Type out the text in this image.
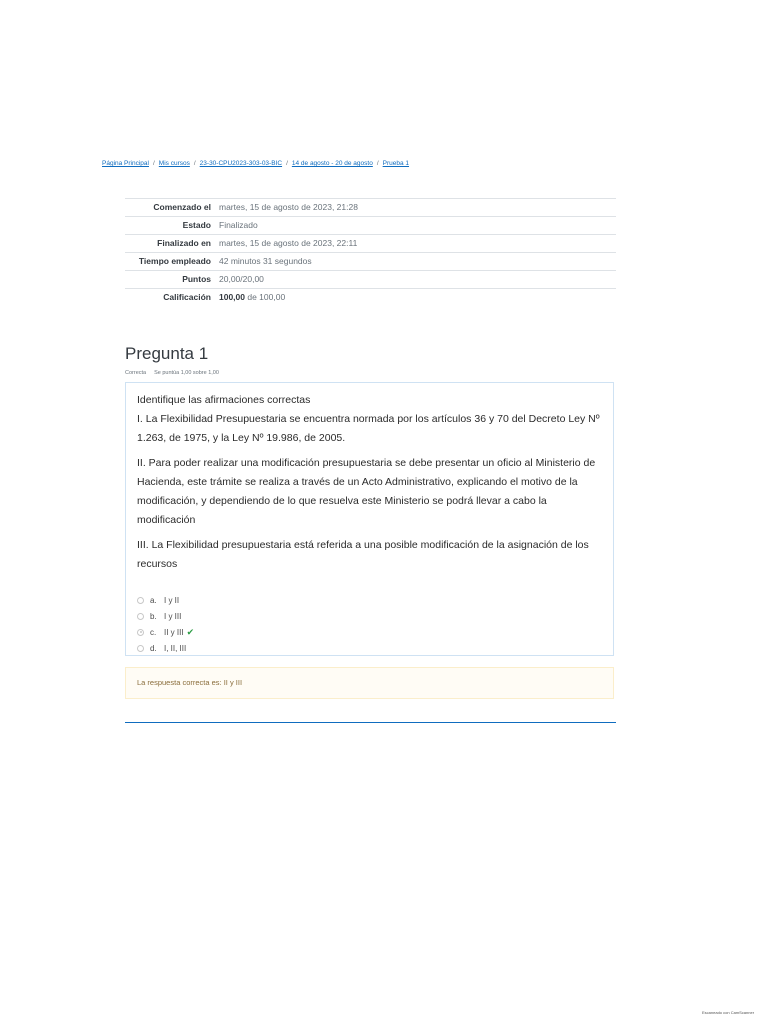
Página Principal / Mis cursos / 23-30-CPU2023-303-03-BIC / 14 de agosto - 20 de agosto / Prueba 1
Comenzado el	martes, 15 de agosto de 2023, 21:28
Estado	Finalizado
Finalizado en	martes, 15 de agosto de 2023, 22:11
Tiempo empleado	42 minutos 31 segundos
Puntos	20,00/20,00
Calificación	100,00 de 100,00
Pregunta 1
Correcta Se puntúa 1,00 sobre 1,00

Identifique las afirmaciones correctas

I. La Flexibilidad Presupuestaria se encuentra normada por los artículos 36 y 70 del Decreto Ley Nº 1.263, de 1975, y la Ley Nº 19.986, de 2005.

II. Para poder realizar una modificación presupuestaria se debe presentar un oficio al Ministerio de Hacienda, este trámite se realiza a través de un Acto Administrativo, explicando el motivo de la modificación, y dependiendo de lo que resuelva este Ministerio se podrá llevar a cabo la modificación

III. La Flexibilidad presupuestaria está referida a una posible modificación de la asignación de los recursos

a. I y II
b. I y III
c. II y III ✔
d. I, II, III
La respuesta correcta es: II y III
Escaneado con CamScanner
